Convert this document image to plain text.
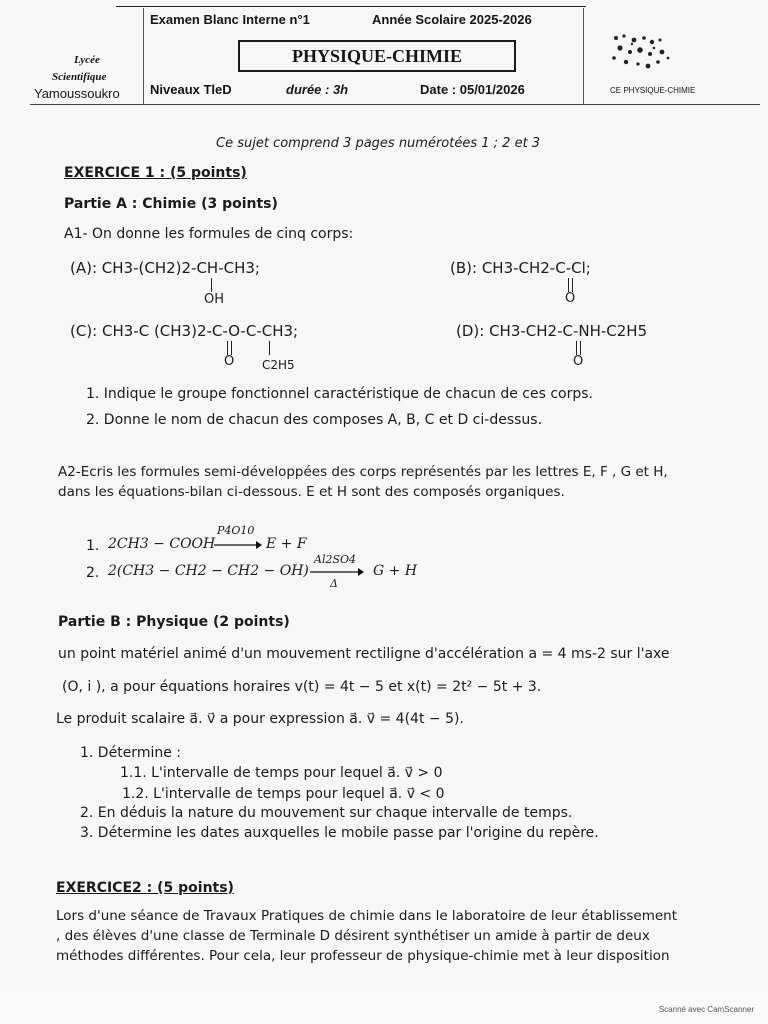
Examen Blanc Interne n°1	Année Scolaire 2025-2026
PHYSIQUE-CHIMIE
Lycée
Scientifique
Yamoussoukro Niveaux TleD	durée : 3h	Date : 05/01/2026	CE PHYSIQUE-CHIMIE
Ce sujet comprend 3 pages numérotées 1 ; 2 et 3
EXERCICE 1 : (5 points)
Partie A : Chimie (3 points)
A1- On donne les formules de cinq corps:
(A): CH3-(CH2)2-CH-CH3;
OH
(B): CH3-CH2-C-Cl;
O
(C): CH3-C (CH3)2-C-O-C-CH3;
O C2H5
(D): CH3-CH2-C-NH-C2H5
O
1. Indique le groupe fonctionnel caractéristique de chacun de ces corps.
2. Donne le nom de chacun des composes A, B, C et D ci-dessus.
A2-Ecris les formules semi-développées des corps représentés par les lettres E, F , G et H,
dans les équations-bilan ci-dessous. E et H sont des composés organiques.
1. 2CH3 − COOH
P4O10
E + F
2. 2(CH3 − CH2 − CH2 − OH)
Al2SO4
Δ
G + H
Partie B : Physique (2 points)
un point matériel animé d'un mouvement rectiligne d'accélération a = 4 ms-2 sur l'axe
(O, i ), a pour équations horaires v(t) = 4t − 5 et x(t) = 2t² − 5t + 3.
Le produit scalaire a⃗. v⃗ a pour expression a⃗. v⃗ = 4(4t − 5).
1. Détermine :
1.1. L'intervalle de temps pour lequel a⃗. v⃗ > 0
1.2. L'intervalle de temps pour lequel a⃗. v⃗ < 0
2. En déduis la nature du mouvement sur chaque intervalle de temps.
3. Détermine les dates auxquelles le mobile passe par l'origine du repère.
EXERCICE2 : (5 points)
Lors d'une séance de Travaux Pratiques de chimie dans le laboratoire de leur établissement
, des élèves d'une classe de Terminale D désirent synthétiser un amide à partir de deux
méthodes différentes. Pour cela, leur professeur de physique-chimie met à leur disposition
Scanné avec CamScanner
